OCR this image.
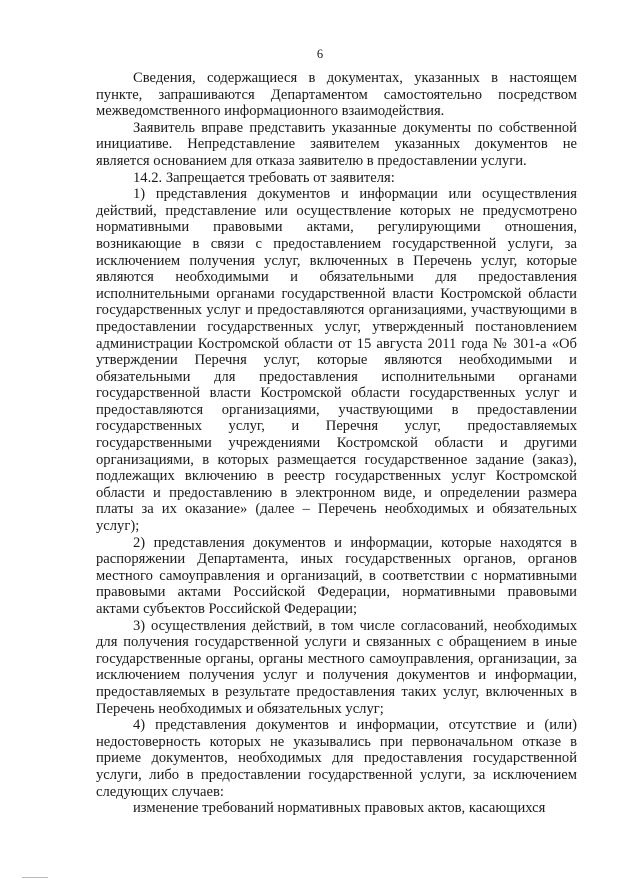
6

Сведения, содержащиеся в документах, указанных в настоящем пункте, запрашиваются Департаментом самостоятельно посредством межведомственного информационного взаимодействия.

Заявитель вправе представить указанные документы по собственной инициативе. Непредставление заявителем указанных документов не является основанием для отказа заявителю в предоставлении услуги.

14.2. Запрещается требовать от заявителя:

1) представления документов и информации или осуществления действий, представление или осуществление которых не предусмотрено нормативными правовыми актами, регулирующими отношения, возникающие в связи с предоставлением государственной услуги, за исключением получения услуг, включенных в Перечень услуг, которые являются необходимыми и обязательными для предоставления исполнительными органами государственной власти Костромской области государственных услуг и предоставляются организациями, участвующими в предоставлении государственных услуг, утвержденный постановлением администрации Костромской области от 15 августа 2011 года № 301-а «Об утверждении Перечня услуг, которые являются необходимыми и обязательными для предоставления исполнительными органами государственной власти Костромской области государственных услуг и предоставляются организациями, участвующими в предоставлении государственных услуг, и Перечня услуг, предоставляемых государственными учреждениями Костромской области и другими организациями, в которых размещается государственное задание (заказ), подлежащих включению в реестр государственных услуг Костромской области и предоставлению в электронном виде, и определении размера платы за их оказание» (далее – Перечень необходимых и обязательных услуг);

2) представления документов и информации, которые находятся в распоряжении Департамента, иных государственных органов, органов местного самоуправления и организаций, в соответствии с нормативными правовыми актами Российской Федерации, нормативными правовыми актами субъектов Российской Федерации;

3) осуществления действий, в том числе согласований, необходимых для получения государственной услуги и связанных с обращением в иные государственные органы, органы местного самоуправления, организации, за исключением получения услуг и получения документов и информации, предоставляемых в результате предоставления таких услуг, включенных в Перечень необходимых и обязательных услуг;

4) представления документов и информации, отсутствие и (или) недостоверность которых не указывались при первоначальном отказе в приеме документов, необходимых для предоставления государственной услуги, либо в предоставлении государственной услуги, за исключением следующих случаев:

изменение требований нормативных правовых актов, касающихся
